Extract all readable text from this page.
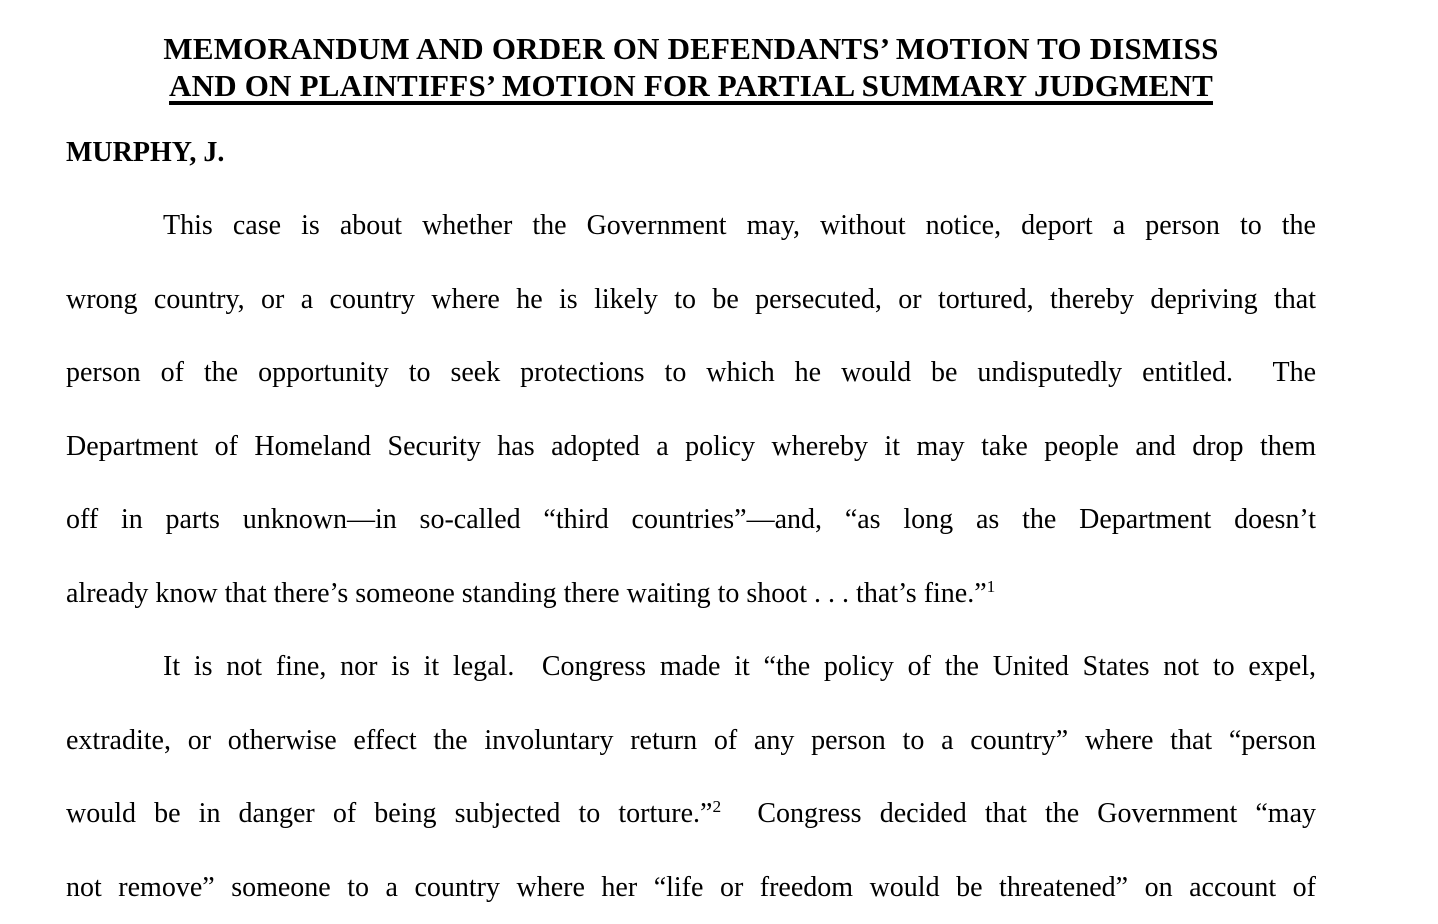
MEMORANDUM AND ORDER ON DEFENDANTS’ MOTION TO DISMISS
AND ON PLAINTIFFS’ MOTION FOR PARTIAL SUMMARY JUDGMENT
MURPHY, J.
This case is about whether the Government may, without notice, deport a person to the
wrong country, or a country where he is likely to be persecuted, or tortured, thereby depriving that
person of the opportunity to seek protections to which he would be undisputedly entitled.  The
Department of Homeland Security has adopted a policy whereby it may take people and drop them
off in parts unknown—in so-called “third countries”—and, “as long as the Department doesn’t
already know that there’s someone standing there waiting to shoot . . . that’s fine.”$^1$
It is not fine, nor is it legal.  Congress made it “the policy of the United States not to expel,
extradite, or otherwise effect the involuntary return of any person to a country” where that “person
would be in danger of being subjected to torture.”$^2$  Congress decided that the Government “may
not remove” someone to a country where her “life or freedom would be threatened” on account of
